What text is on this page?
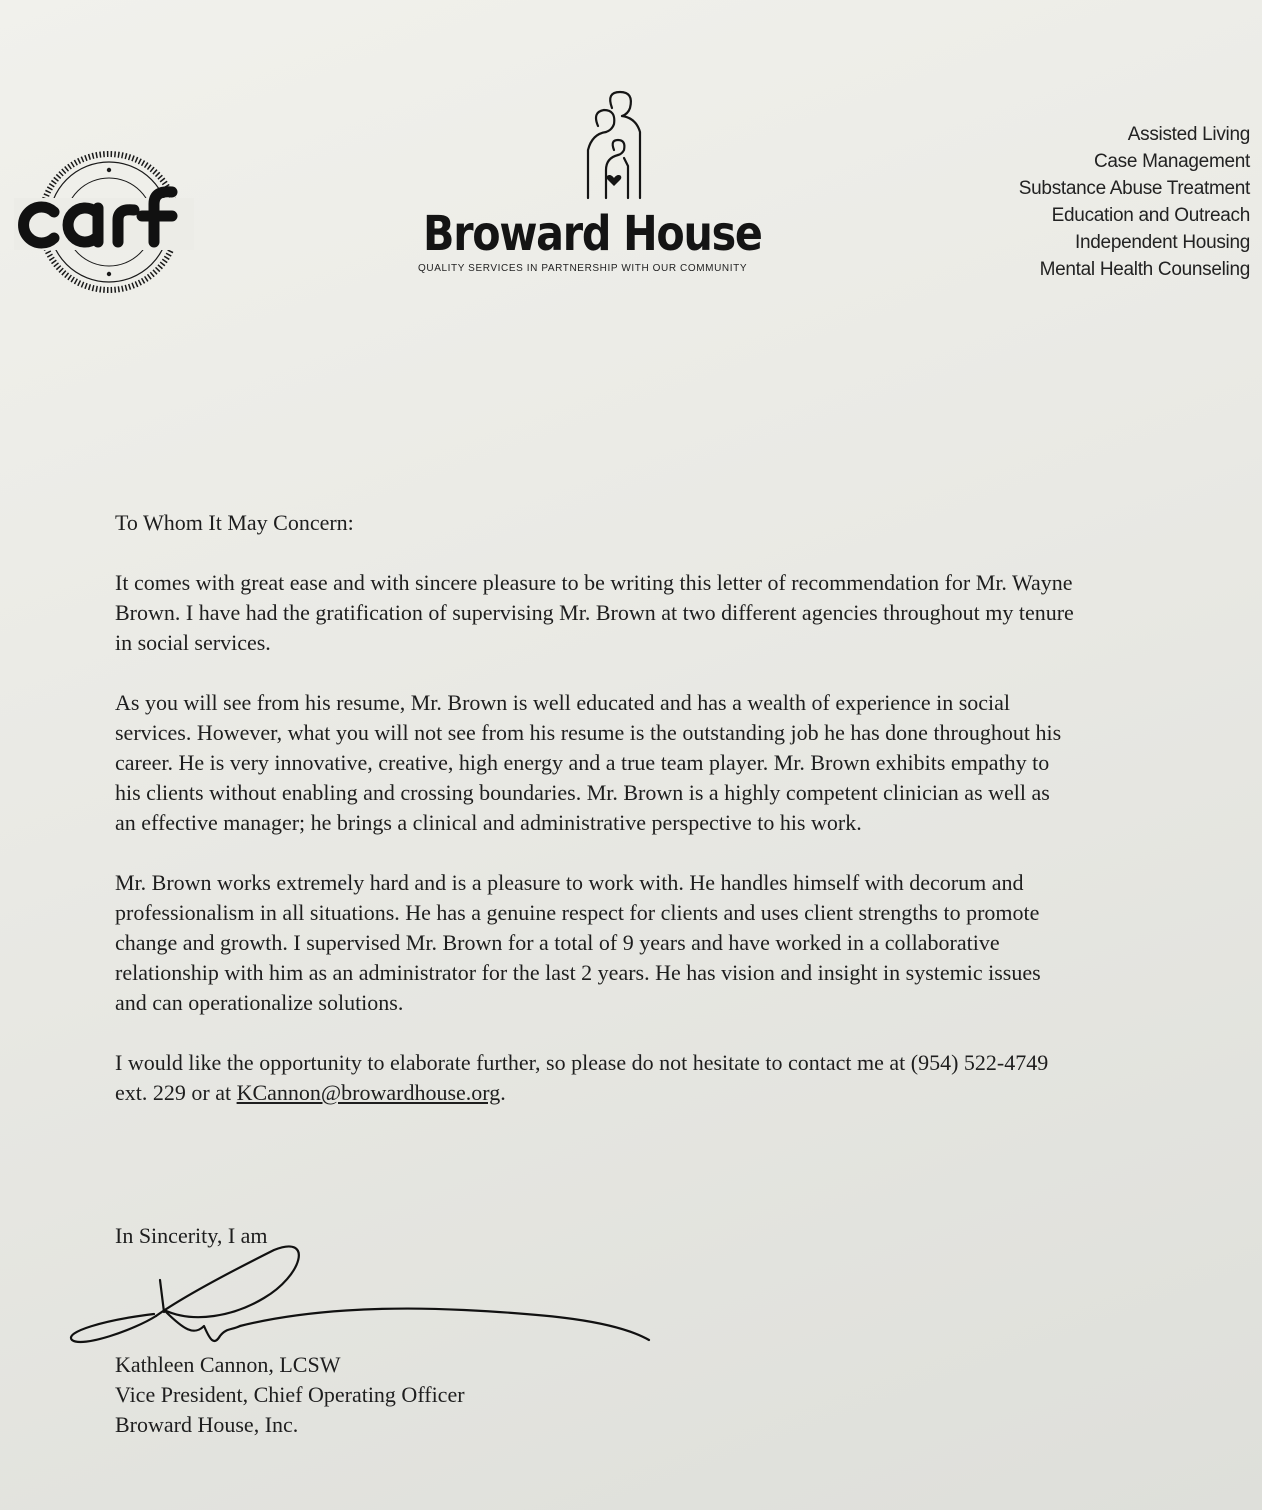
Broward House
QUALITY SERVICES IN PARTNERSHIP WITH OUR COMMUNITY
Assisted Living
Case Management
Substance Abuse Treatment
Education and Outreach
Independent Housing
Mental Health Counseling

To Whom It May Concern:

It comes with great ease and with sincere pleasure to be writing this letter of recommendation for Mr. Wayne Brown. I have had the gratification of supervising Mr. Brown at two different agencies throughout my tenure in social services.

As you will see from his resume, Mr. Brown is well educated and has a wealth of experience in social services. However, what you will not see from his resume is the outstanding job he has done throughout his career. He is very innovative, creative, high energy and a true team player. Mr. Brown exhibits empathy to his clients without enabling and crossing boundaries. Mr. Brown is a highly competent clinician as well as an effective manager; he brings a clinical and administrative perspective to his work.

Mr. Brown works extremely hard and is a pleasure to work with. He handles himself with decorum and professionalism in all situations. He has a genuine respect for clients and uses client strengths to promote change and growth. I supervised Mr. Brown for a total of 9 years and have worked in a collaborative relationship with him as an administrator for the last 2 years. He has vision and insight in systemic issues and can operationalize solutions.

I would like the opportunity to elaborate further, so please do not hesitate to contact me at (954) 522-4749 ext. 229 or at KCannon@browardhouse.org.

In Sincerity, I am
Kathleen Cannon, LCSW
Vice President, Chief Operating Officer
Broward House, Inc.
